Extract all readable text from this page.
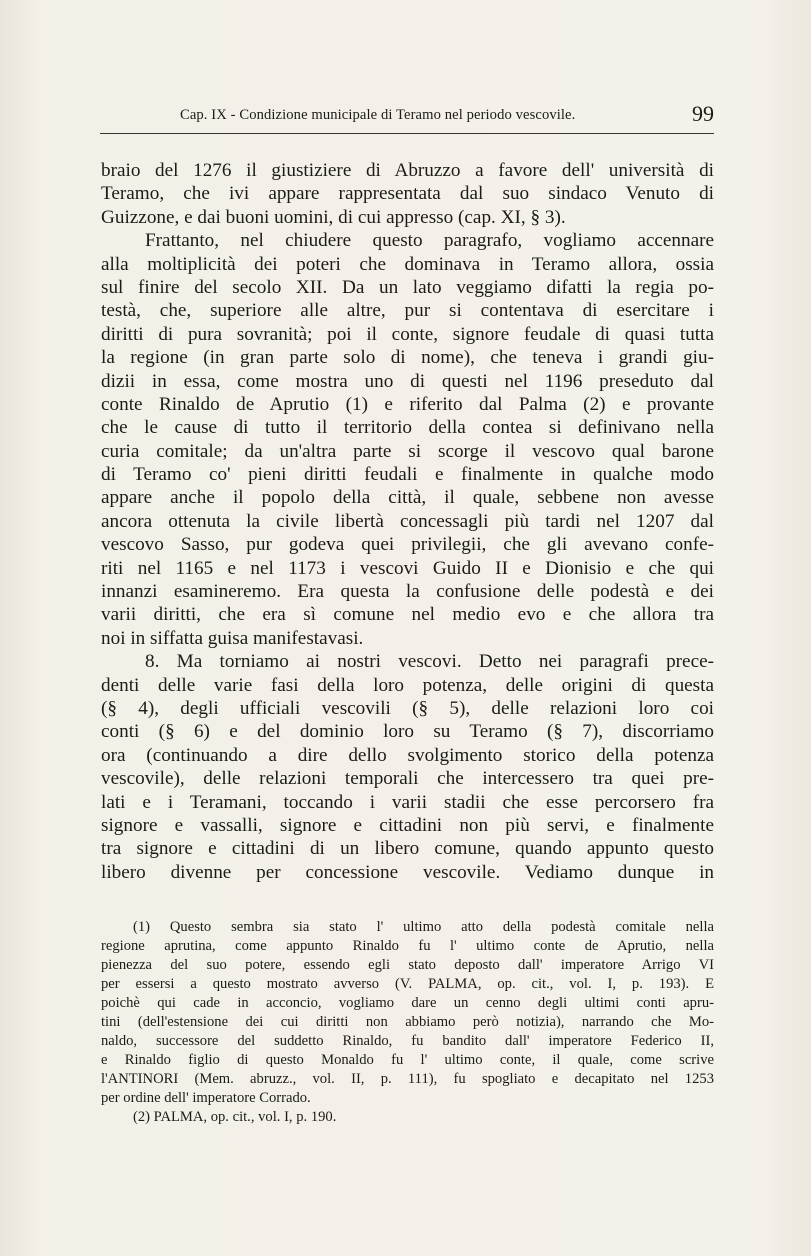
Cap. IX - Condizione municipale di Teramo nel periodo vescovile.	99
braio del 1276 il giustiziere di Abruzzo a favore dell' università di
Teramo, che ivi appare rappresentata dal suo sindaco Venuto di
Guizzone, e dai buoni uomini, di cui appresso (cap. XI, § 3).
Frattanto, nel chiudere questo paragrafo, vogliamo accennare
alla moltiplicità dei poteri che dominava in Teramo allora, ossia
sul finire del secolo XII. Da un lato veggiamo difatti la regia po-
testà, che, superiore alle altre, pur si contentava di esercitare i
diritti di pura sovranità; poi il conte, signore feudale di quasi tutta
la regione (in gran parte solo di nome), che teneva i grandi giu-
dizii in essa, come mostra uno di questi nel 1196 preseduto dal
conte Rinaldo de Aprutio (1) e riferito dal Palma (2) e provante
che le cause di tutto il territorio della contea si definivano nella
curia comitale; da un'altra parte si scorge il vescovo qual barone
di Teramo co' pieni diritti feudali e finalmente in qualche modo
appare anche il popolo della città, il quale, sebbene non avesse
ancora ottenuta la civile libertà concessagli più tardi nel 1207 dal
vescovo Sasso, pur godeva quei privilegii, che gli avevano confe-
riti nel 1165 e nel 1173 i vescovi Guido II e Dionisio e che qui
innanzi esamineremo. Era questa la confusione delle podestà e dei
varii diritti, che era sì comune nel medio evo e che allora tra
noi in siffatta guisa manifestavasi.
8. Ma torniamo ai nostri vescovi. Detto nei paragrafi prece-
denti delle varie fasi della loro potenza, delle origini di questa
(§ 4), degli ufficiali vescovili (§ 5), delle relazioni loro coi
conti (§ 6) e del dominio loro su Teramo (§ 7), discorriamo
ora (continuando a dire dello svolgimento storico della potenza
vescovile), delle relazioni temporali che intercessero tra quei pre-
lati e i Teramani, toccando i varii stadii che esse percorsero fra
signore e vassalli, signore e cittadini non più servi, e finalmente
tra signore e cittadini di un libero comune, quando appunto questo
libero divenne per concessione vescovile. Vediamo dunque in
(1) Questo sembra sia stato l' ultimo atto della podestà comitale nella
regione aprutina, come appunto Rinaldo fu l' ultimo conte de Aprutio, nella
pienezza del suo potere, essendo egli stato deposto dall' imperatore Arrigo VI
per essersi a questo mostrato avverso (V. PALMA, op. cit., vol. I, p. 193). E
poichè qui cade in acconcio, vogliamo dare un cenno degli ultimi conti apru-
tini (dell'estensione dei cui diritti non abbiamo però notizia), narrando che Mo-
naldo, successore del suddetto Rinaldo, fu bandito dall' imperatore Federico II,
e Rinaldo figlio di questo Monaldo fu l' ultimo conte, il quale, come scrive
l'ANTINORI (Mem. abruzz., vol. II, p. 111), fu spogliato e decapitato nel 1253
per ordine dell' imperatore Corrado.
(2) PALMA, op. cit., vol. I, p. 190.
